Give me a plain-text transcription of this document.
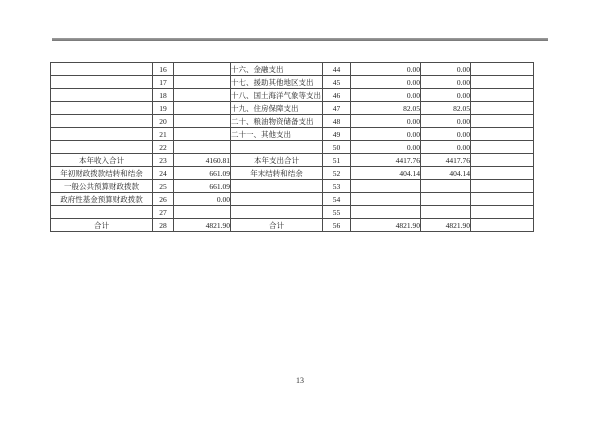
	16		十六、金融支出	44	0.00	0.00	
	17		十七、援助其他地区支出	45	0.00	0.00	
	18		十八、国土海洋气象等支出	46	0.00	0.00	
	19		十九、住房保障支出	47	82.05	82.05	
	20		二十、粮油物资储备支出	48	0.00	0.00	
	21		二十一、其他支出	49	0.00	0.00	
	22			50	0.00	0.00	
本年收入合计	23	4160.81	本年支出合计	51	4417.76	4417.76	
年初财政拨款结转和结余	24	661.09	年末结转和结余	52	404.14	404.14	
一般公共预算财政拨款	25	661.09		53			
政府性基金预算财政拨款	26	0.00		54			
	27			55			
合计	28	4821.90	合计	56	4821.90	4821.90	
13
